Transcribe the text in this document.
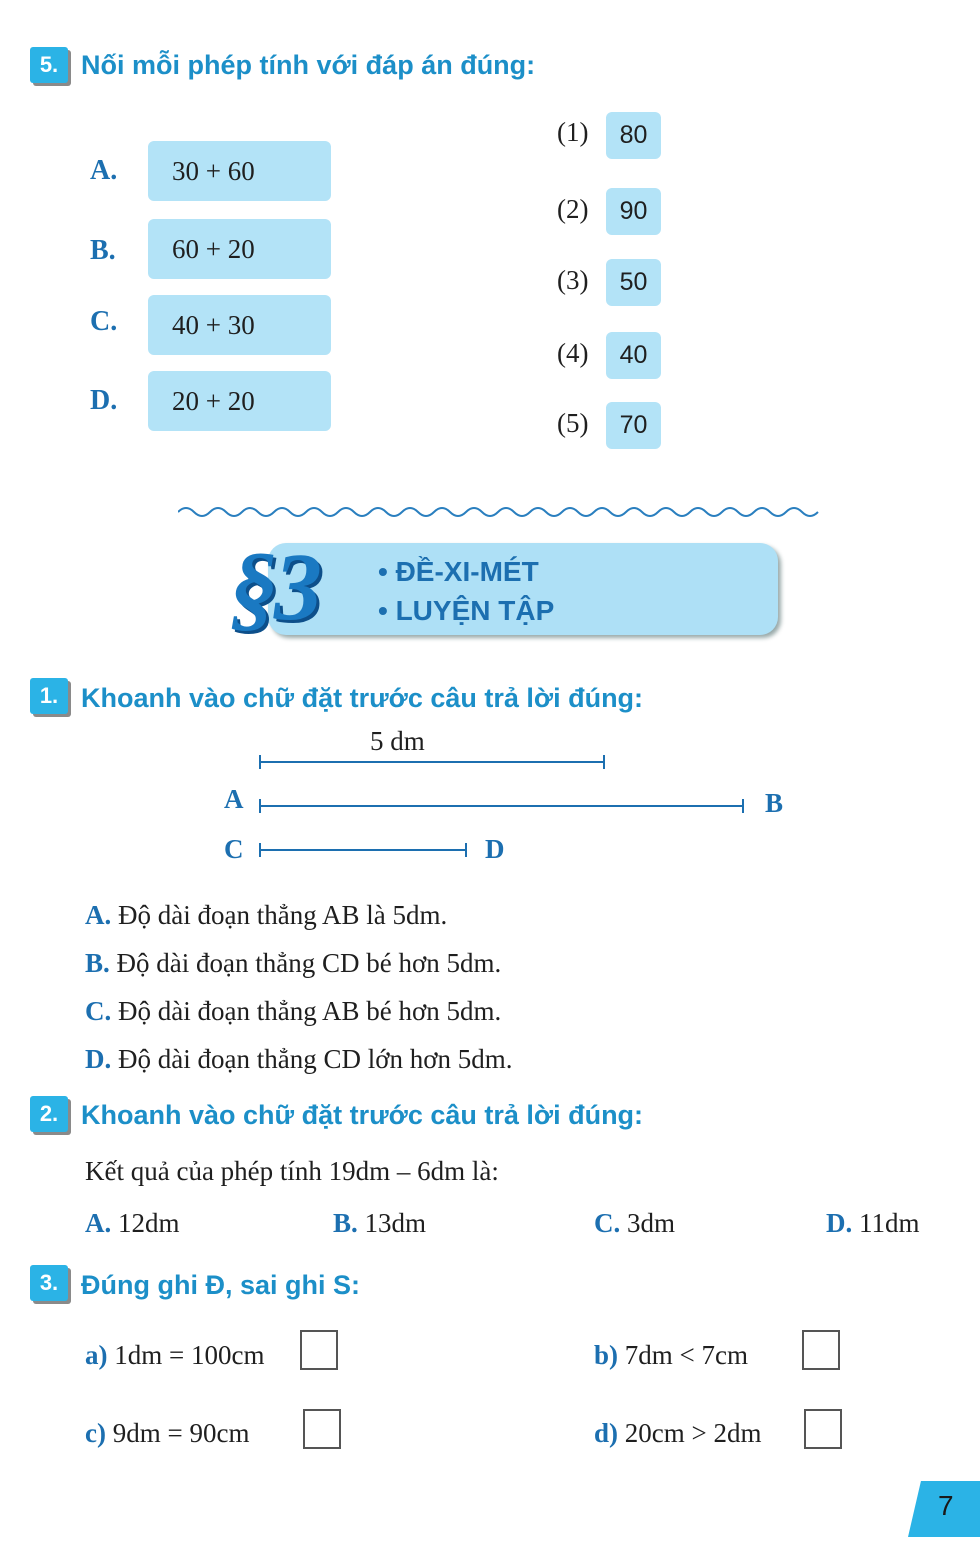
5. Nối mỗi phép tính với đáp án đúng:
A.	30 + 60
B.	60 + 20
C.	40 + 30
D.	20 + 20
(1)	80
(2)	90
(3)	50
(4)	40
(5)	70
§3 • ĐỀ-XI-MÉT
• LUYỆN TẬP
1. Khoanh vào chữ đặt trước câu trả lời đúng:
5 dm
A	B
C	D
A. Độ dài đoạn thẳng AB là 5dm.
B. Độ dài đoạn thẳng CD bé hơn 5dm.
C. Độ dài đoạn thẳng AB bé hơn 5dm.
D. Độ dài đoạn thẳng CD lớn hơn 5dm.
2. Khoanh vào chữ đặt trước câu trả lời đúng:
Kết quả của phép tính 19dm – 6dm là:
A. 12dm	B. 13dm	C. 3dm	D. 11dm
3. Đúng ghi Đ, sai ghi S:
a) 1dm = 100cm	b) 7dm < 7cm
c) 9dm = 90cm	d) 20cm > 2dm
7
